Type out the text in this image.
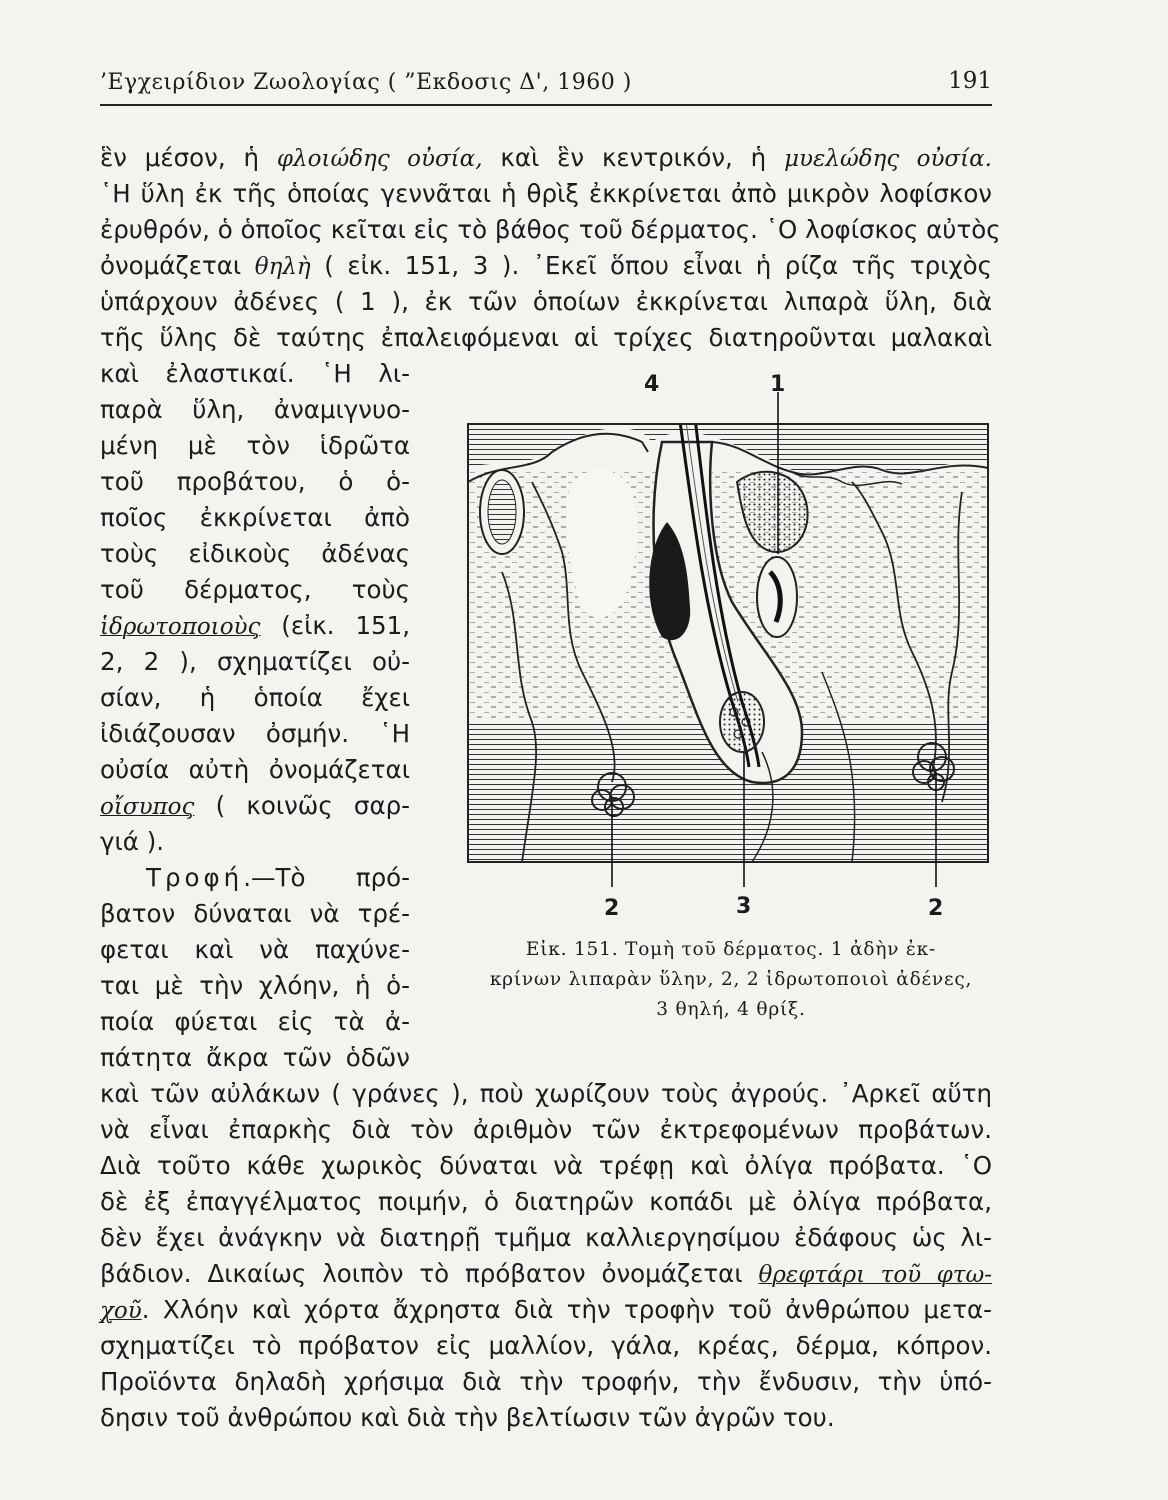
’Εγχειρίδιον Ζωολογίας ( ”Εκδοσις Δ', 1960 )	191
ἓν μέσον, ἡ φλοιώδης οὐσία, καὶ ἓν κεντρικόν, ἡ μυελώδης οὐσία.
῾Η ὕλη ἐκ τῆς ὁποίας γεννᾶται ἡ θρὶξ ἐκκρίνεται ἀπὸ μικρὸν λοφίσκον
ἐρυθρόν, ὁ ὁποῖος κεῖται εἰς τὸ βάθος τοῦ δέρματος. ῾Ο λοφίσκος αὐτὸς
ὀνομάζεται θηλὴ ( εἰκ. 151, 3 ). ᾿Εκεῖ ὅπου εἶναι ἡ ρίζα τῆς τριχὸς
ὑπάρχουν ἀδένες ( 1 ), ἐκ τῶν ὁποίων ἐκκρίνεται λιπαρὰ ὕλη, διὰ
τῆς ὕλης δὲ ταύτης ἐπαλειφόμεναι αἱ τρίχες διατηροῦνται μαλακαὶ
καὶ ἐλαστικαί. ῾Η λι-
παρὰ ὕλη, ἀναμιγνυο-
μένη μὲ τὸν ἱδρῶτα
τοῦ προβάτου, ὁ ὁ-
ποῖος ἐκκρίνεται ἀπὸ
τοὺς εἰδικοὺς ἀδένας
τοῦ δέρματος, τοὺς
ἱδρωτοποιοὺς (εἰκ. 151,
2, 2 ), σχηματίζει οὐ-
σίαν, ἡ ὁποία ἔχει
ἰδιάζουσαν ὀσμήν. ῾Η
οὐσία αὐτὴ ὀνομάζεται
οἴσυπος ( κοινῶς σαρ-
γιά ).
Τροφή.—Τὸ πρό-
βατον δύναται νὰ τρέ-
φεται καὶ νὰ παχύνε-
ται μὲ τὴν χλόην, ἡ ὁ-
ποία φύεται εἰς τὰ ἀ-
πάτητα ἄκρα τῶν ὁδῶν
καὶ τῶν αὐλάκων ( γράνες ), ποὺ χωρίζουν τοὺς ἀγρούς. ᾿Αρκεῖ αὕτη
νὰ εἶναι ἐπαρκὴς διὰ τὸν ἀριθμὸν τῶν ἐκτρεφομένων προβάτων.
Διὰ τοῦτο κάθε χωρικὸς δύναται νὰ τρέφῃ καὶ ὀλίγα πρόβατα. ῾Ο
δὲ ἐξ ἐπαγγέλματος ποιμήν, ὁ διατηρῶν κοπάδι μὲ ὀλίγα πρόβατα,
δὲν ἔχει ἀνάγκην νὰ διατηρῇ τμῆμα καλλιεργησίμου ἐδάφους ὡς λι-
βάδιον. Δικαίως λοιπὸν τὸ πρόβατον ὀνομάζεται θρεφτάρι τοῦ φτω-
χοῦ. Χλόην καὶ χόρτα ἄχρηστα διὰ τὴν τροφὴν τοῦ ἀνθρώπου μετα-
σχηματίζει τὸ πρόβατον εἰς μαλλίον, γάλα, κρέας, δέρμα, κόπρον.
Προϊόντα δηλαδὴ χρήσιμα διὰ τὴν τροφήν, τὴν ἔνδυσιν, τὴν ὑπό-
δησιν τοῦ ἀνθρώπου καὶ διὰ τὴν βελτίωσιν τῶν ἀγρῶν του.
4	1
2	3	2
Εἰκ. 151. Τομὴ τοῦ δέρματος. 1 ἀδὴν ἐκ-
κρίνων λιπαρὰν ὕλην, 2, 2 ἱδρωτοποιοὶ ἀδένες,
3 θηλή, 4 θρίξ.
